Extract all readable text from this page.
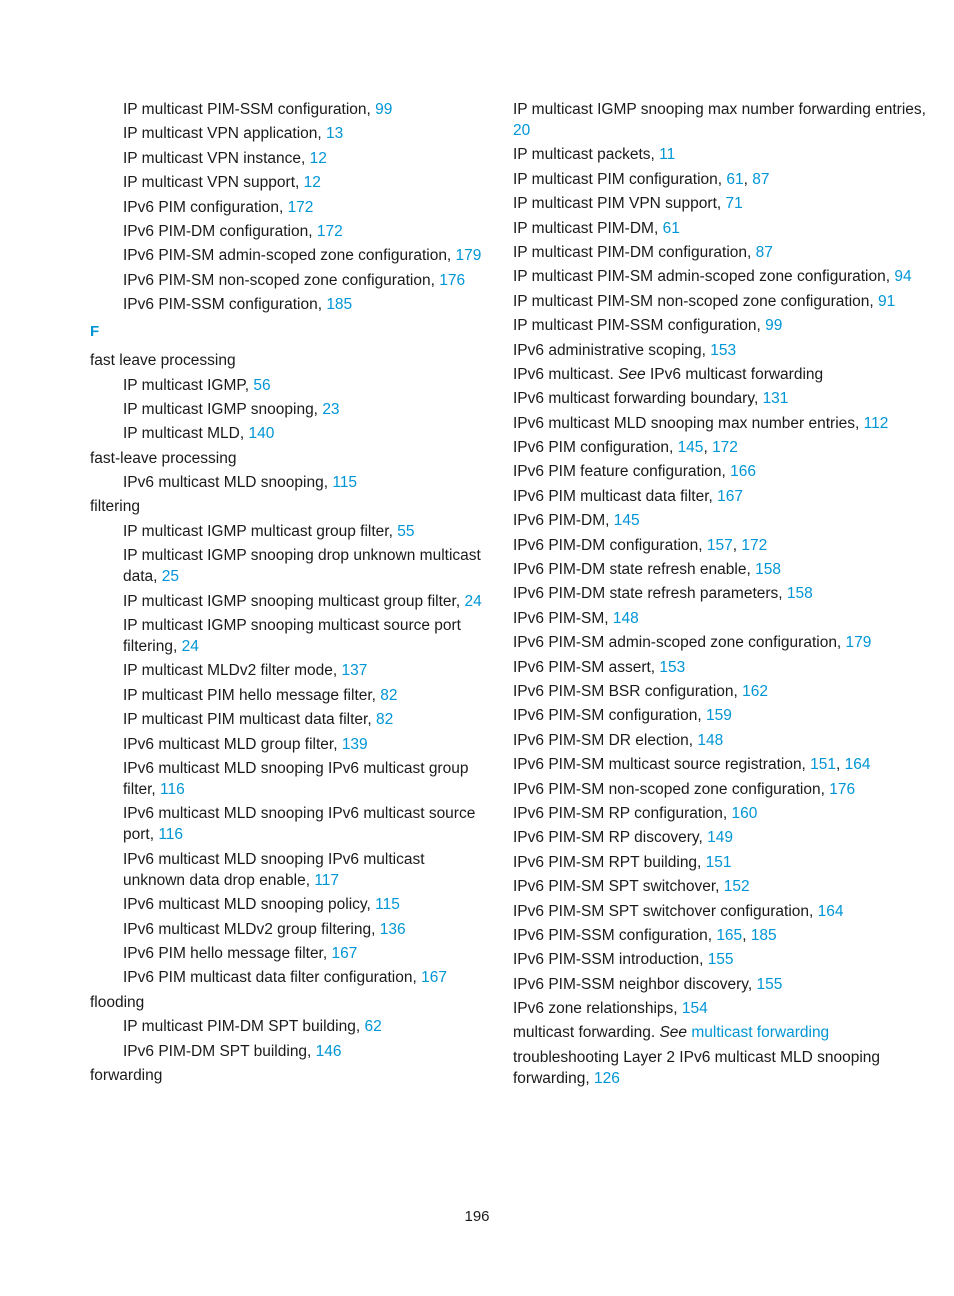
IP multicast PIM-SSM configuration, 99
IP multicast VPN application, 13
IP multicast VPN instance, 12
IP multicast VPN support, 12
IPv6 PIM configuration, 172
IPv6 PIM-DM configuration, 172
IPv6 PIM-SM admin-scoped zone configuration, 179
IPv6 PIM-SM non-scoped zone configuration, 176
IPv6 PIM-SSM configuration, 185
F
fast leave processing
IP multicast IGMP, 56
IP multicast IGMP snooping, 23
IP multicast MLD, 140
fast-leave processing
IPv6 multicast MLD snooping, 115
filtering
IP multicast IGMP multicast group filter, 55
IP multicast IGMP snooping drop unknown multicast data, 25
IP multicast IGMP snooping multicast group filter, 24
IP multicast IGMP snooping multicast source port filtering, 24
IP multicast MLDv2 filter mode, 137
IP multicast PIM hello message filter, 82
IP multicast PIM multicast data filter, 82
IPv6 multicast MLD group filter, 139
IPv6 multicast MLD snooping IPv6 multicast group filter, 116
IPv6 multicast MLD snooping IPv6 multicast source port, 116
IPv6 multicast MLD snooping IPv6 multicast unknown data drop enable, 117
IPv6 multicast MLD snooping policy, 115
IPv6 multicast MLDv2 group filtering, 136
IPv6 PIM hello message filter, 167
IPv6 PIM multicast data filter configuration, 167
flooding
IP multicast PIM-DM SPT building, 62
IPv6 PIM-DM SPT building, 146
forwarding
IP multicast IGMP snooping max number forwarding entries, 20
IP multicast packets, 11
IP multicast PIM configuration, 61, 87
IP multicast PIM VPN support, 71
IP multicast PIM-DM, 61
IP multicast PIM-DM configuration, 87
IP multicast PIM-SM admin-scoped zone configuration, 94
IP multicast PIM-SM non-scoped zone configuration, 91
IP multicast PIM-SSM configuration, 99
IPv6 administrative scoping, 153
IPv6 multicast. See IPv6 multicast forwarding
IPv6 multicast forwarding boundary, 131
IPv6 multicast MLD snooping max number entries, 112
IPv6 PIM configuration, 145, 172
IPv6 PIM feature configuration, 166
IPv6 PIM multicast data filter, 167
IPv6 PIM-DM, 145
IPv6 PIM-DM configuration, 157, 172
IPv6 PIM-DM state refresh enable, 158
IPv6 PIM-DM state refresh parameters, 158
IPv6 PIM-SM, 148
IPv6 PIM-SM admin-scoped zone configuration, 179
IPv6 PIM-SM assert, 153
IPv6 PIM-SM BSR configuration, 162
IPv6 PIM-SM configuration, 159
IPv6 PIM-SM DR election, 148
IPv6 PIM-SM multicast source registration, 151, 164
IPv6 PIM-SM non-scoped zone configuration, 176
IPv6 PIM-SM RP configuration, 160
IPv6 PIM-SM RP discovery, 149
IPv6 PIM-SM RPT building, 151
IPv6 PIM-SM SPT switchover, 152
IPv6 PIM-SM SPT switchover configuration, 164
IPv6 PIM-SSM configuration, 165, 185
IPv6 PIM-SSM introduction, 155
IPv6 PIM-SSM neighbor discovery, 155
IPv6 zone relationships, 154
multicast forwarding. See multicast forwarding
troubleshooting Layer 2 IPv6 multicast MLD snooping forwarding, 126
196
